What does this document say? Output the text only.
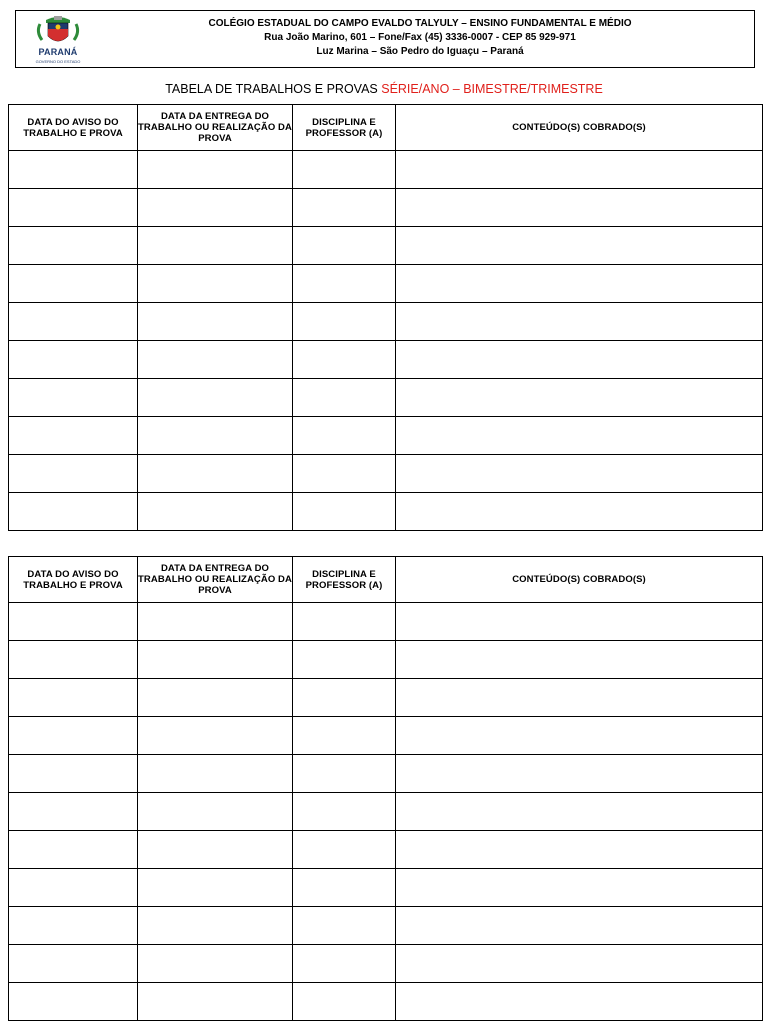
PARANÁ
GOVERNO DO ESTADO
COLÉGIO ESTADUAL DO CAMPO EVALDO TALYULY – ENSINO FUNDAMENTAL E MÉDIO
Rua João Marino, 601 – Fone/Fax (45) 3336-0007 - CEP 85 929-971
Luz Marina – São Pedro do Iguaçu – Paraná
TABELA DE TRABALHOS E PROVAS SÉRIE/ANO – BIMESTRE/TRIMESTRE
DATA DO AVISO DO TRABALHO E PROVA	DATA DA ENTREGA DO TRABALHO OU REALIZAÇÃO DA PROVA	DISCIPLINA E PROFESSOR (A)	CONTEÚDO(S) COBRADO(S)

DATA DO AVISO DO TRABALHO E PROVA	DATA DA ENTREGA DO TRABALHO OU REALIZAÇÃO DA PROVA	DISCIPLINA E PROFESSOR (A)	CONTEÚDO(S) COBRADO(S)
